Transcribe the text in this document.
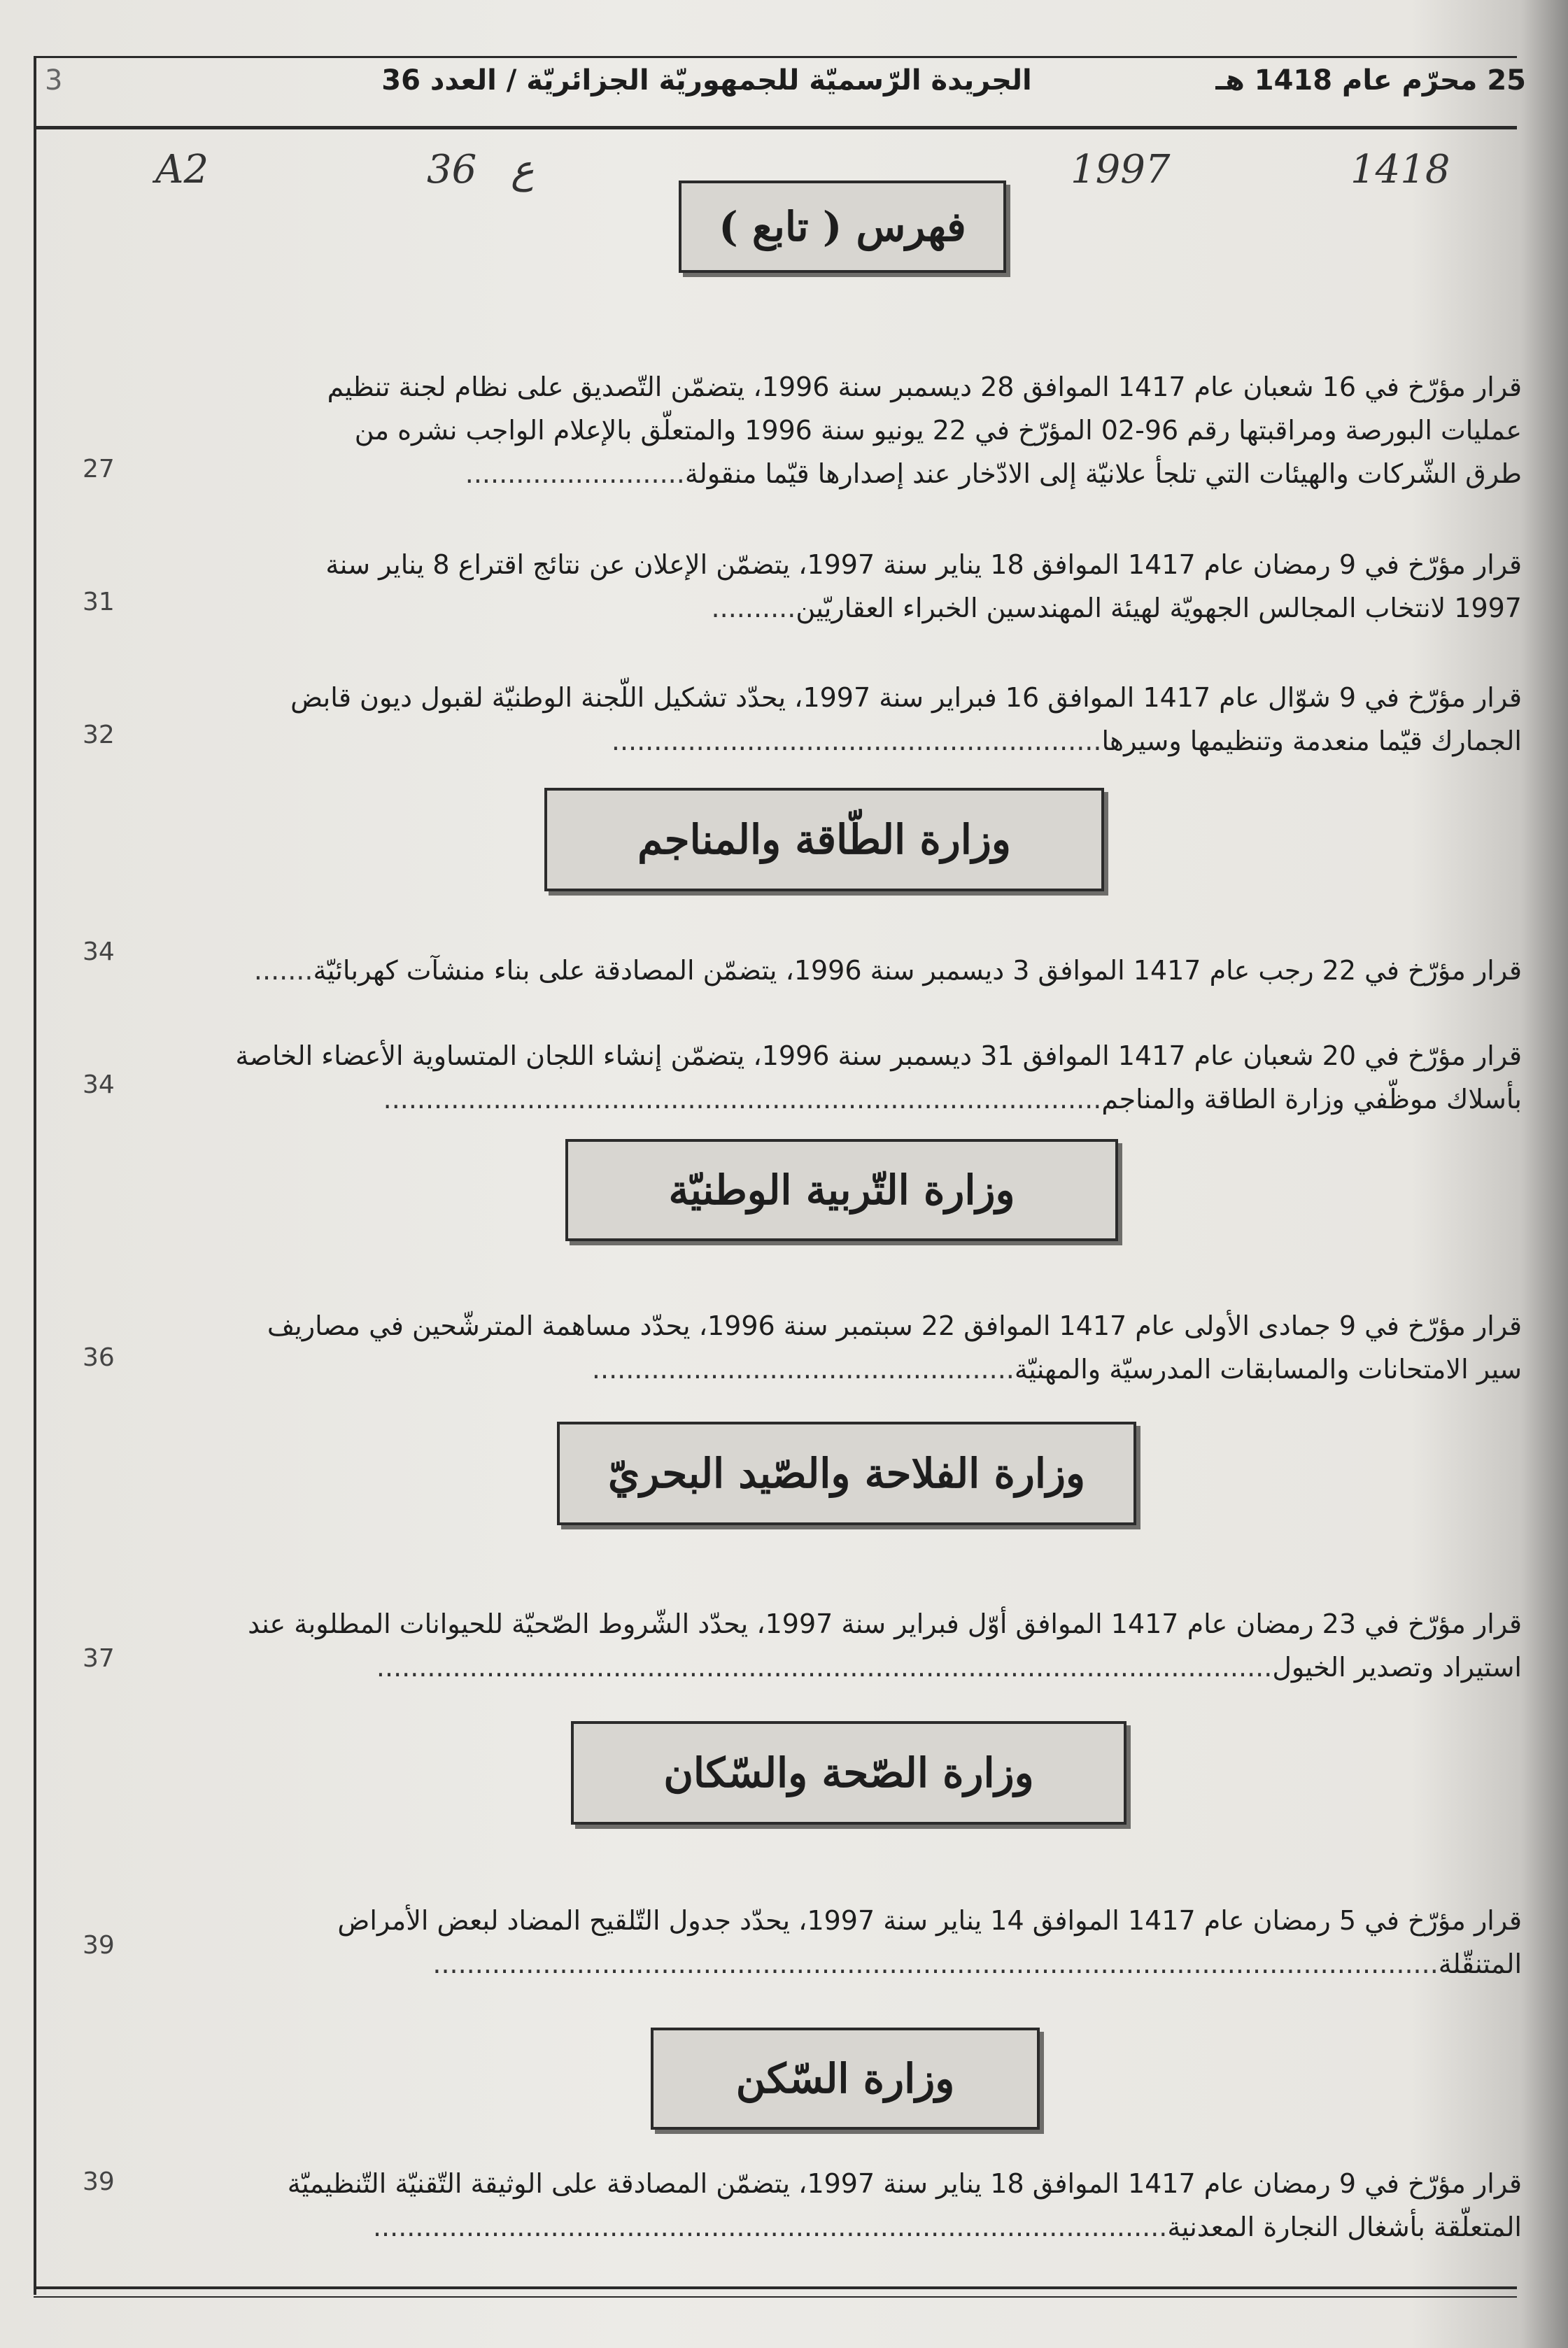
25 محرّم عام 1418 هـ
الجريدة الرّسميّة للجمهوريّة الجزائريّة / العدد 36
3
A2	36 ع	1997	1418
فهرس ( تابع )
قرار مؤرّخ في 16 شعبان عام 1417 الموافق 28 ديسمبر سنة 1996، يتضمّن التّصديق على نظام لجنة تنظيم
عمليات البورصة ومراقبتها رقم 96-02 المؤرّخ في 22 يونيو سنة 1996 والمتعلّق بالإعلام الواجب نشره من
طرق الشّركات والهيئات التي تلجأ علانيّة إلى الادّخار عند إصدارها قيّما منقولة..........................
27
قرار مؤرّخ في 9 رمضان عام 1417 الموافق 18 يناير سنة 1997، يتضمّن الإعلان عن نتائج اقتراع 8 يناير سنة
1997 لانتخاب المجالس الجهويّة لهيئة المهندسين الخبراء العقاريّين..........
31
قرار مؤرّخ في 9 شوّال عام 1417 الموافق 16 فبراير سنة 1997، يحدّد تشكيل اللّجنة الوطنيّة لقبول ديون قابض
الجمارك قيّما منعدمة وتنظيمها وسيرها..........................................................
32
وزارة الطّاقة والمناجم
قرار مؤرّخ في 22 رجب عام 1417 الموافق 3 ديسمبر سنة 1996، يتضمّن المصادقة على بناء منشآت كهربائيّة.......
34
قرار مؤرّخ في 20 شعبان عام 1417 الموافق 31 ديسمبر سنة 1996، يتضمّن إنشاء اللجان المتساوية الأعضاء الخاصة
بأسلاك موظّفي وزارة الطاقة والمناجم.....................................................................................
34
وزارة التّربية الوطنيّة
قرار مؤرّخ في 9 جمادى الأولى عام 1417 الموافق 22 سبتمبر سنة 1996، يحدّد مساهمة المترشّحين في مصاريف
سير الامتحانات والمسابقات المدرسيّة والمهنيّة..................................................
36
وزارة الفلاحة والصّيد البحريّ
قرار مؤرّخ في 23 رمضان عام 1417 الموافق أوّل فبراير سنة 1997، يحدّد الشّروط الصّحيّة للحيوانات المطلوبة عند
استيراد وتصدير الخيول..........................................................................................................
37
وزارة الصّحة والسّكان
قرار مؤرّخ في 5 رمضان عام 1417 الموافق 14 يناير سنة 1997، يحدّد جدول التّلقيح المضاد لبعض الأمراض
المتنقّلة.......................................................................................................................
39
وزارة السّكن
قرار مؤرّخ في 9 رمضان عام 1417 الموافق 18 يناير سنة 1997، يتضمّن المصادقة على الوثيقة التّقنيّة التّنظيميّة
المتعلّقة بأشغال النجارة المعدنية..............................................................................................
39
